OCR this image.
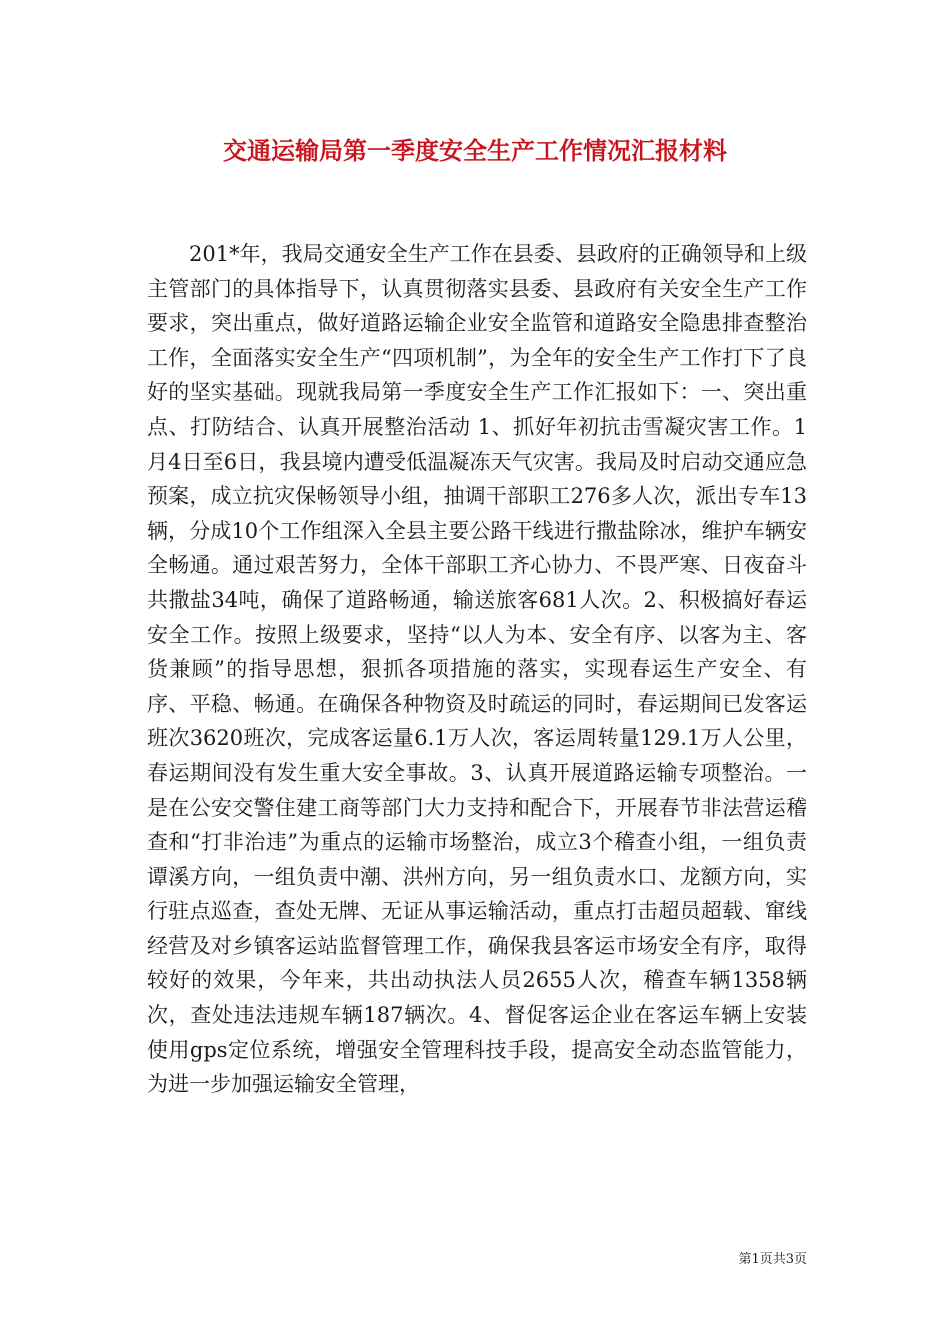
交通运输局第一季度安全生产工作情况汇报材料

201*年，我局交通安全生产工作在县委、县政府的正确领导和上级主管部门的具体指导下，认真贯彻落实县委、县政府有关安全生产工作要求，突出重点，做好道路运输企业安全监管和道路安全隐患排查整治工作，全面落实安全生产“四项机制”，为全年的安全生产工作打下了良好的坚实基础。现就我局第一季度安全生产工作汇报如下：一、突出重点、打防结合、认真开展整治活动 1、抓好年初抗击雪凝灾害工作。1月4日至6日，我县境内遭受低温凝冻天气灾害。我局及时启动交通应急预案，成立抗灾保畅领导小组，抽调干部职工276多人次，派出专车13辆，分成10个工作组深入全县主要公路干线进行撒盐除冰，维护车辆安全畅通。通过艰苦努力，全体干部职工齐心协力、不畏严寒、日夜奋斗共撒盐34吨，确保了道路畅通，输送旅客681人次。2、积极搞好春运安全工作。按照上级要求，坚持“以人为本、安全有序、以客为主、客货兼顾”的指导思想，狠抓各项措施的落实，实现春运生产安全、有序、平稳、畅通。在确保各种物资及时疏运的同时，春运期间已发客运班次3620班次，完成客运量6.1万人次，客运周转量129.1万人公里，春运期间没有发生重大安全事故。3、认真开展道路运输专项整治。一是在公安交警住建工商等部门大力支持和配合下，开展春节非法营运稽查和“打非治违”为重点的运输市场整治，成立3个稽查小组，一组负责谭溪方向，一组负责中潮、洪州方向，另一组负责水口、龙额方向，实行驻点巡查，查处无牌、无证从事运输活动，重点打击超员超载、窜线经营及对乡镇客运站监督管理工作，确保我县客运市场安全有序，取得较好的效果，今年来，共出动执法人员2655人次，稽查车辆1358辆次，查处违法违规车辆187辆次。4、督促客运企业在客运车辆上安装使用gps定位系统，增强安全管理科技手段，提高安全动态监管能力，为进一步加强运输安全管理，

第1页共3页
